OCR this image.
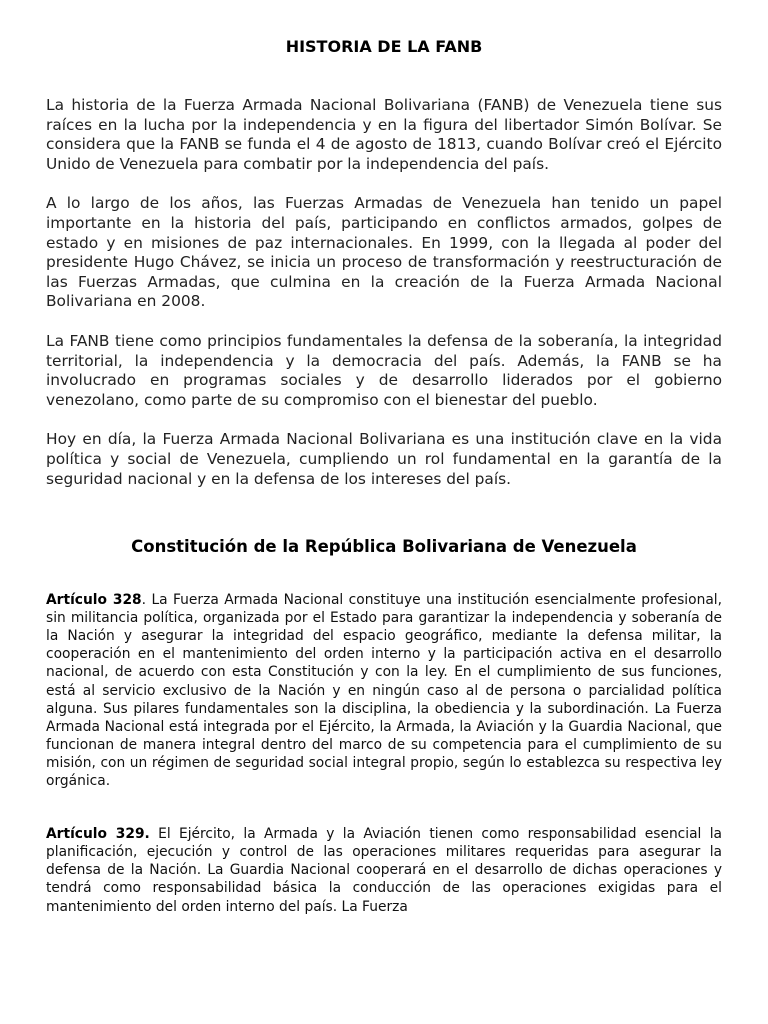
HISTORIA DE LA FANB

La historia de la Fuerza Armada Nacional Bolivariana (FANB) de Venezuela tiene sus raíces en la lucha por la independencia y en la figura del libertador Simón Bolívar. Se considera que la FANB se funda el 4 de agosto de 1813, cuando Bolívar creó el Ejército Unido de Venezuela para combatir por la independencia del país.

A lo largo de los años, las Fuerzas Armadas de Venezuela han tenido un papel importante en la historia del país, participando en conflictos armados, golpes de estado y en misiones de paz internacionales. En 1999, con la llegada al poder del presidente Hugo Chávez, se inicia un proceso de transformación y reestructuración de las Fuerzas Armadas, que culmina en la creación de la Fuerza Armada Nacional Bolivariana en 2008.

La FANB tiene como principios fundamentales la defensa de la soberanía, la integridad territorial, la independencia y la democracia del país. Además, la FANB se ha involucrado en programas sociales y de desarrollo liderados por el gobierno venezolano, como parte de su compromiso con el bienestar del pueblo.

Hoy en día, la Fuerza Armada Nacional Bolivariana es una institución clave en la vida política y social de Venezuela, cumpliendo un rol fundamental en la garantía de la seguridad nacional y en la defensa de los intereses del país.

Constitución de la República Bolivariana de Venezuela

Artículo 328. La Fuerza Armada Nacional constituye una institución esencialmente profesional, sin militancia política, organizada por el Estado para garantizar la independencia y soberanía de la Nación y asegurar la integridad del espacio geográfico, mediante la defensa militar, la cooperación en el mantenimiento del orden interno y la participación activa en el desarrollo nacional, de acuerdo con esta Constitución y con la ley. En el cumplimiento de sus funciones, está al servicio exclusivo de la Nación y en ningún caso al de persona o parcialidad política alguna. Sus pilares fundamentales son la disciplina, la obediencia y la subordinación. La Fuerza Armada Nacional está integrada por el Ejército, la Armada, la Aviación y la Guardia Nacional, que funcionan de manera integral dentro del marco de su competencia para el cumplimiento de su misión, con un régimen de seguridad social integral propio, según lo establezca su respectiva ley orgánica.

Artículo 329. El Ejército, la Armada y la Aviación tienen como responsabilidad esencial la planificación, ejecución y control de las operaciones militares requeridas para asegurar la defensa de la Nación. La Guardia Nacional cooperará en el desarrollo de dichas operaciones y tendrá como responsabilidad básica la conducción de las operaciones exigidas para el mantenimiento del orden interno del país. La Fuerza
